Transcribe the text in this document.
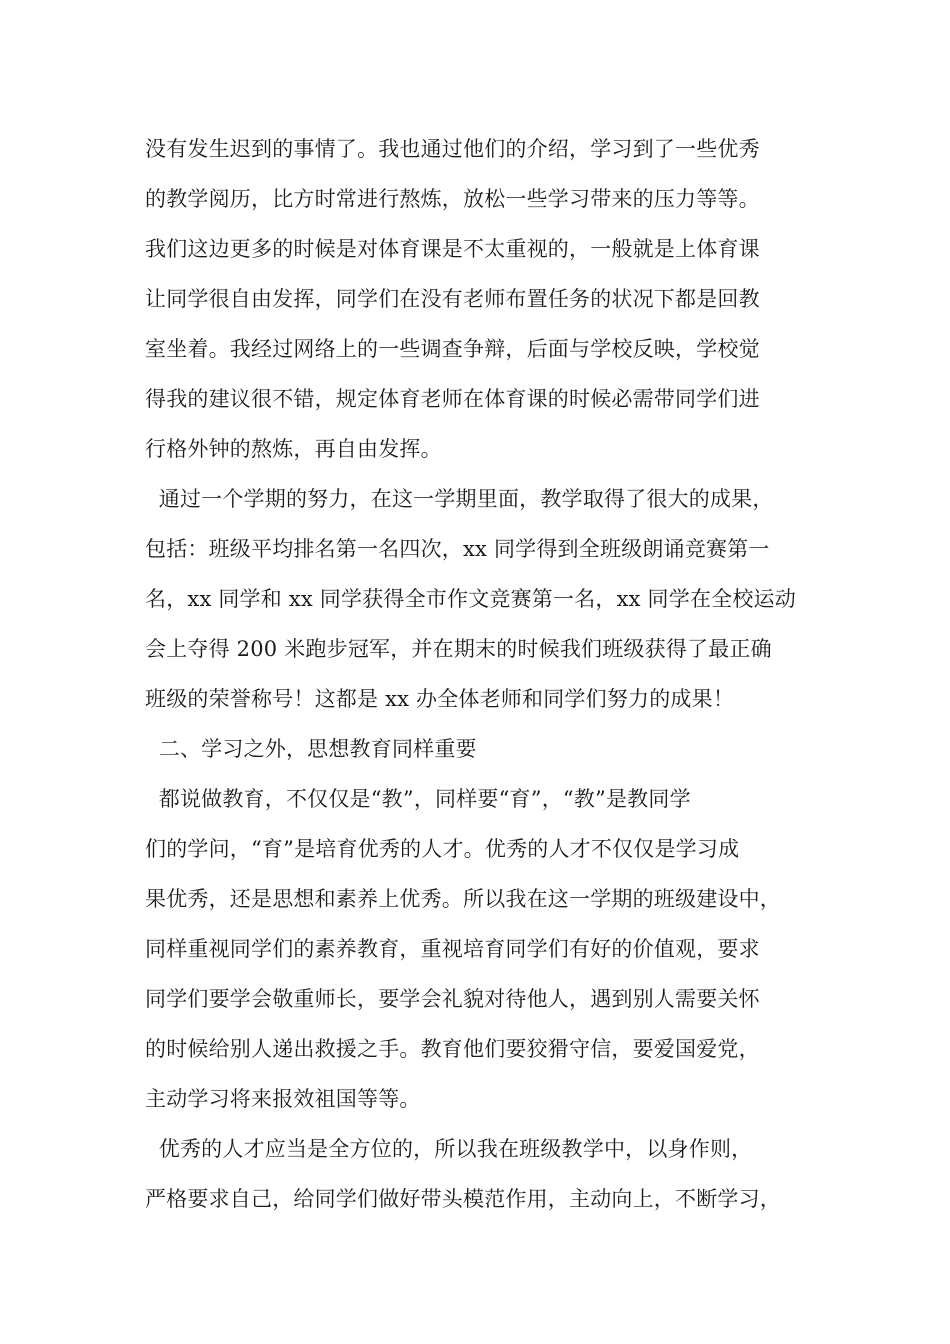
没有发生迟到的事情了。我也通过他们的介绍，学习到了一些优秀
的教学阅历，比方时常进行熬炼，放松一些学习带来的压力等等。
我们这边更多的时候是对体育课是不太重视的，一般就是上体育课
让同学很自由发挥，同学们在没有老师布置任务的状况下都是回教
室坐着。我经过网络上的一些调查争辩，后面与学校反映，学校觉
得我的建议很不错，规定体育老师在体育课的时候必需带同学们进
行格外钟的熬炼，再自由发挥。
通过一个学期的努力，在这一学期里面，教学取得了很大的成果，
包括：班级平均排名第一名四次，xx 同学得到全班级朗诵竞赛第一
名，xx 同学和 xx 同学获得全市作文竞赛第一名，xx 同学在全校运动
会上夺得 200 米跑步冠军，并在期末的时候我们班级获得了最正确
班级的荣誉称号！这都是 xx 办全体老师和同学们努力的成果！
二、学习之外，思想教育同样重要
都说做教育，不仅仅是“教”，同样要“育”，“教”是教同学
们的学问，“育”是培育优秀的人才。优秀的人才不仅仅是学习成
果优秀，还是思想和素养上优秀。所以我在这一学期的班级建设中，
同样重视同学们的素养教育，重视培育同学们有好的价值观，要求
同学们要学会敬重师长，要学会礼貌对待他人，遇到别人需要关怀
的时候给别人递出救援之手。教育他们要狡猾守信，要爱国爱党，
主动学习将来报效祖国等等。
优秀的人才应当是全方位的，所以我在班级教学中，以身作则，
严格要求自己，给同学们做好带头模范作用，主动向上，不断学习，
